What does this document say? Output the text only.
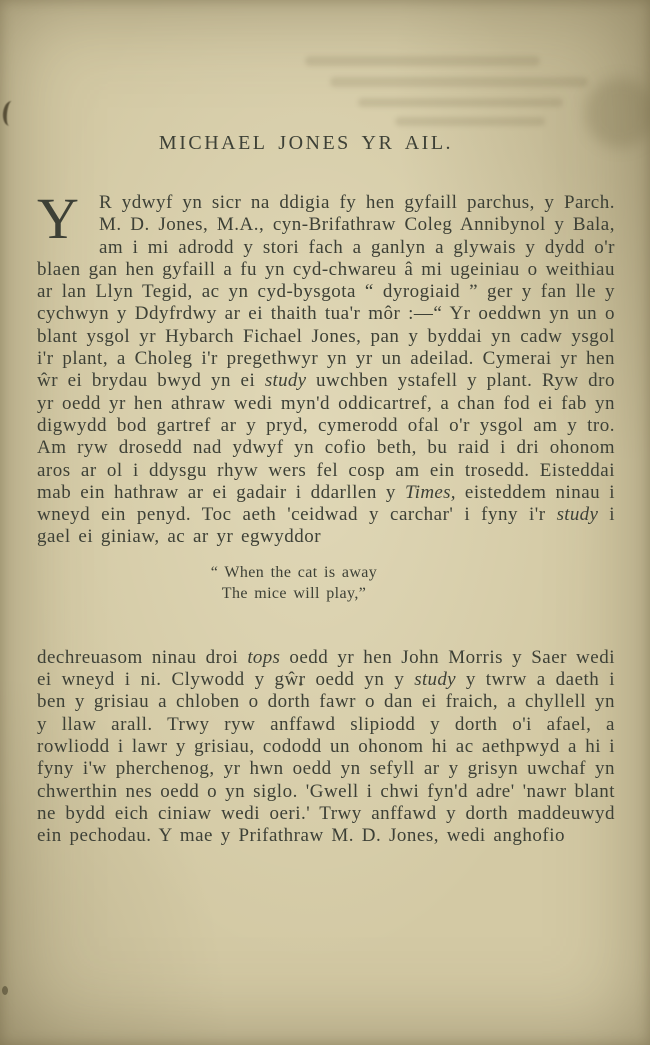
MICHAEL JONES YR AIL.

Y	R ydwyf yn sicr na ddigia fy hen gyfaill parchus, y Parch. M. D. Jones, M.A., cyn-Brifathraw Coleg Annibynol y Bala, am i mi adrodd y stori fach a ganlyn a glywais y dydd o'r blaen gan hen gyfaill a fu yn cyd-chwareu â mi ugeiniau o weithiau ar lan Llyn Tegid, ac yn cyd-bysgota “ dyrogiaid ” ger y fan lle y cychwyn y Ddyfrdwy ar ei thaith tua'r môr :—“ Yr oeddwn yn un o blant ysgol yr Hybarch Fichael Jones, pan y byddai yn cadw ysgol i'r plant, a Choleg i'r pregethwyr yn yr un adeilad. Cymerai yr hen ŵr ei brydau bwyd yn ei study uwchben ystafell y plant. Ryw dro yr oedd yr hen athraw wedi myn'd oddicartref, a chan fod ei fab yn digwydd bod gartref ar y pryd, cymerodd ofal o'r ysgol am y tro. Am ryw drosedd nad ydwyf yn cofio beth, bu raid i dri ohonom aros ar ol i ddysgu rhyw wers fel cosp am ein trosedd. Eisteddai mab ein hathraw ar ei gadair i ddarllen y Times, eisteddem ninau i wneyd ein penyd. Toc aeth 'ceidwad y carchar' i fyny i'r study i gael ei giniaw, ac ar yr egwyddor

“ When the cat is away
The mice will play,”

dechreuasom ninau droi tops oedd yr hen John Morris y Saer wedi ei wneyd i ni. Clywodd y gŵr oedd yn y study y twrw a daeth i ben y grisiau a chloben o dorth fawr o dan ei fraich, a chyllell yn y llaw arall. Trwy ryw anffawd slipiodd y dorth o'i afael, a rowliodd i lawr y grisiau, cododd un ohonom hi ac aethpwyd a hi i fyny i'w pherchenog, yr hwn oedd yn sefyll ar y grisyn uwchaf yn chwerthin nes oedd o yn siglo. 'Gwell i chwi fyn'd adre' 'nawr blant ne bydd eich ciniaw wedi oeri.' Trwy anffawd y dorth maddeuwyd ein pechodau. Y mae y Prifathraw M. D. Jones, wedi anghofio
